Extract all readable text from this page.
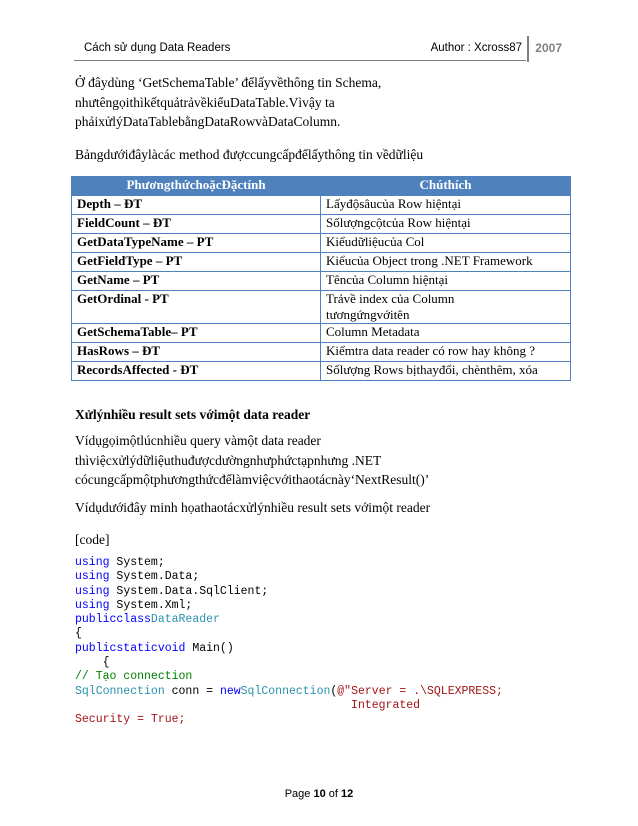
Cách sử dụng Data Readers	Author : Xcross87	2007
Ở đâydùng ‘GetSchemaTable’ đểlấyvềthông tin Schema,
nhưtêngọithìkếtquảtrảvềkiểuDataTable.Vìvậy ta
phảixửlýDataTablebằngDataRowvàDataColumn.
Bảngdướiđâylàcác method đượccungcấpđểlấythông tin vềdữliệu
PhươngthứchoặcĐặctính	Chúthích
Depth – ĐT	Lấyđộsâucủa Row hiệntại
FieldCount – ĐT	Sốlượngcộtcủa Row hiệntại
GetDataTypeName – PT	Kiểudữliệucủa Col
GetFieldType – PT	Kiểucủa Object trong .NET Framework
GetName – PT	Têncủa Column hiệntại
GetOrdinal - PT	Trảvề index của Column
tươngứngvớitên
GetSchemaTable– PT	Column Metadata
HasRows – ĐT	Kiểmtra data reader có row hay không ?
RecordsAffected - ĐT	Sốlượng Rows bịthayđổi, chènthêm, xóa
Xửlýnhiều result sets vớimột data reader
Vídụgọimộtlúcnhiều query vàmột data reader
thìviệcxửlýdữliệuthuđượcdườngnhưphứctạpnhưng .NET
cócungcấpmộtphươngthứcđểlàmviệcvớithaotácnày‘NextResult()’
Vídụdướiđây minh họathaotácxửlýnhiều result sets vớimột reader
[code]
using System;
using System.Data;
using System.Data.SqlClient;
using System.Xml;
publicclassDataReader
{
publicstaticvoid Main()
{
// Tạo connection
SqlConnection conn = newSqlConnection(@"Server = .\SQLEXPRESS;
Integrated
Security = True;
Page 10 of 12
